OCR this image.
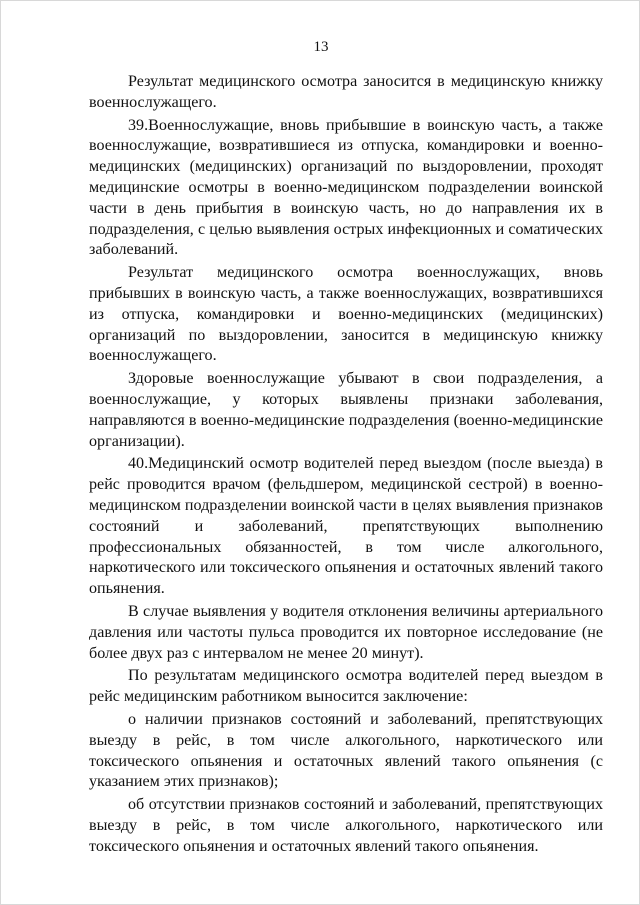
13

Результат медицинского осмотра заносится в медицинскую книжку военнослужащего.

39.Военнослужащие, вновь прибывшие в воинскую часть, а также военнослужащие, возвратившиеся из отпуска, командировки и военно-медицинских (медицинских) организаций по выздоровлении, проходят медицинские осмотры в военно-медицинском подразделении воинской части в день прибытия в воинскую часть, но до направления их в подразделения, с целью выявления острых инфекционных и соматических заболеваний.

Результат медицинского осмотра военнослужащих, вновь прибывших в воинскую часть, а также военнослужащих, возвратившихся из отпуска, командировки и военно-медицинских (медицинских) организаций по выздоровлении, заносится в медицинскую книжку военнослужащего.

Здоровые военнослужащие убывают в свои подразделения, а военнослужащие, у которых выявлены признаки заболевания, направляются в военно-медицинские подразделения (военно-медицинские организации).

40.Медицинский осмотр водителей перед выездом (после выезда) в рейс проводится врачом (фельдшером, медицинской сестрой) в военно-медицинском подразделении воинской части в целях выявления признаков состояний и заболеваний, препятствующих выполнению профессиональных обязанностей, в том числе алкогольного, наркотического или токсического опьянения и остаточных явлений такого опьянения.

В случае выявления у водителя отклонения величины артериального давления или частоты пульса проводится их повторное исследование (не более двух раз с интервалом не менее 20 минут).

По результатам медицинского осмотра водителей перед выездом в рейс медицинским работником выносится заключение:

о наличии признаков состояний и заболеваний, препятствующих выезду в рейс, в том числе алкогольного, наркотического или токсического опьянения и остаточных явлений такого опьянения (с указанием этих признаков);

об отсутствии признаков состояний и заболеваний, препятствующих выезду в рейс, в том числе алкогольного, наркотического или токсического опьянения и остаточных явлений такого опьянения.
